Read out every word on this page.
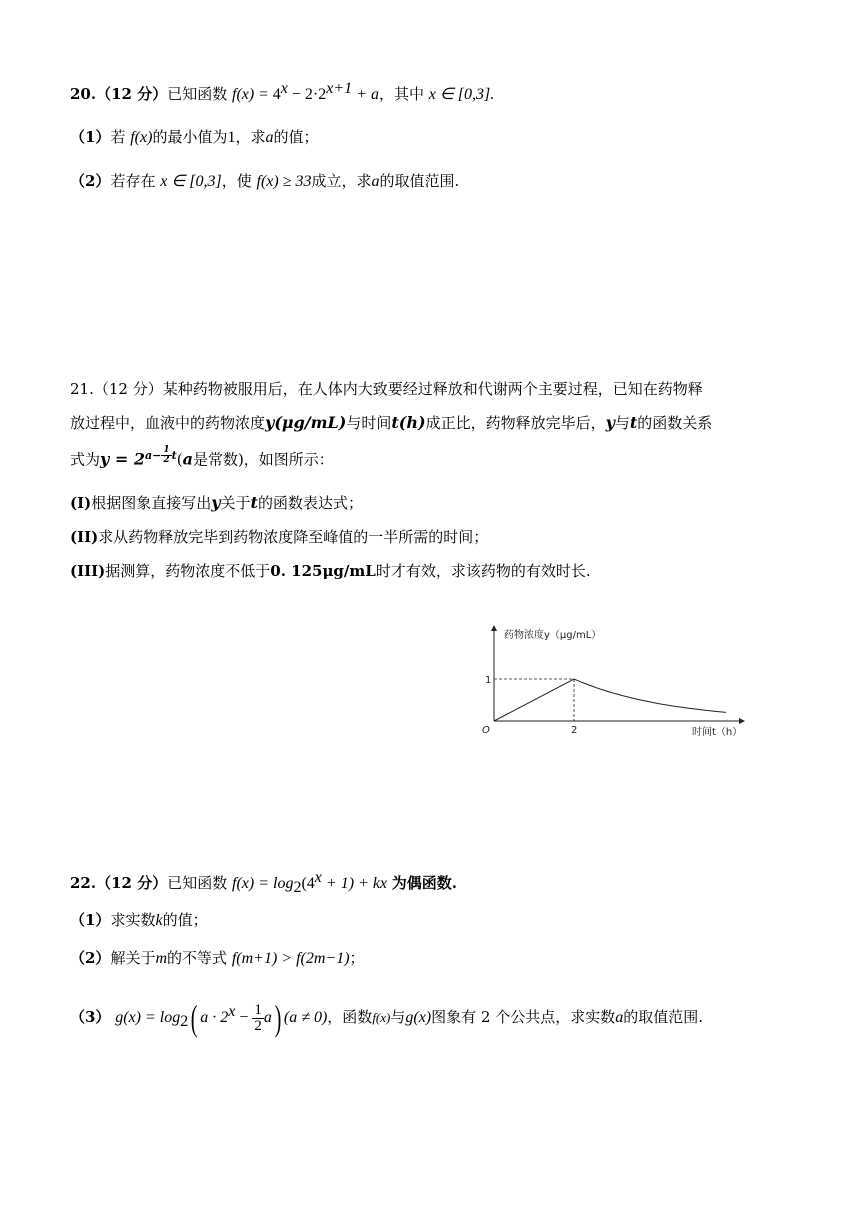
20.（12 分）已知函数 $f(x) = 4^x - 2\cdot 2^{x+1} + a$，其中 x ∈ [0,3].
（1）若 f(x)的最小值为1，求a的值；
（2）若存在 x ∈ [0,3]，使 f(x) ≥ 33成立，求a的取值范围.
21.（12 分）某种药物被服用后，在人体内大致要经过释放和代谢两个主要过程，已知在药物释
放过程中，血液中的药物浓度y(μg/mL)与时间t(h)成正比，药物释放完毕后，y与t的函数关系
式为$y = 2^{a- \frac{1}{2} t}(a$是常数)，如图所示：
(I)根据图象直接写出y关于t的函数表达式；
(II)求从药物释放完毕到药物浓度降至峰值的一半所需的时间；
(III)据测算，药物浓度不低于0. 125μg/mL时才有效，求该药物的有效时长.
药物浓度y（μg/mL）
时间t（h）
O
1
2
22.（12 分）已知函数 $f(x) = \log_2(4^x + 1)$ + kx 为偶函数.
（1）求实数k的值；
（2）解关于m的不等式 f(m+1) > f(2m−1)；
（3） $g(x) = \log_2$( $a \cdot 2^x - \frac{1}{2} a$) (a ≠ 0)，函数f(x)与g(x)图象有 2 个公共点，求实数a的取值范围.
